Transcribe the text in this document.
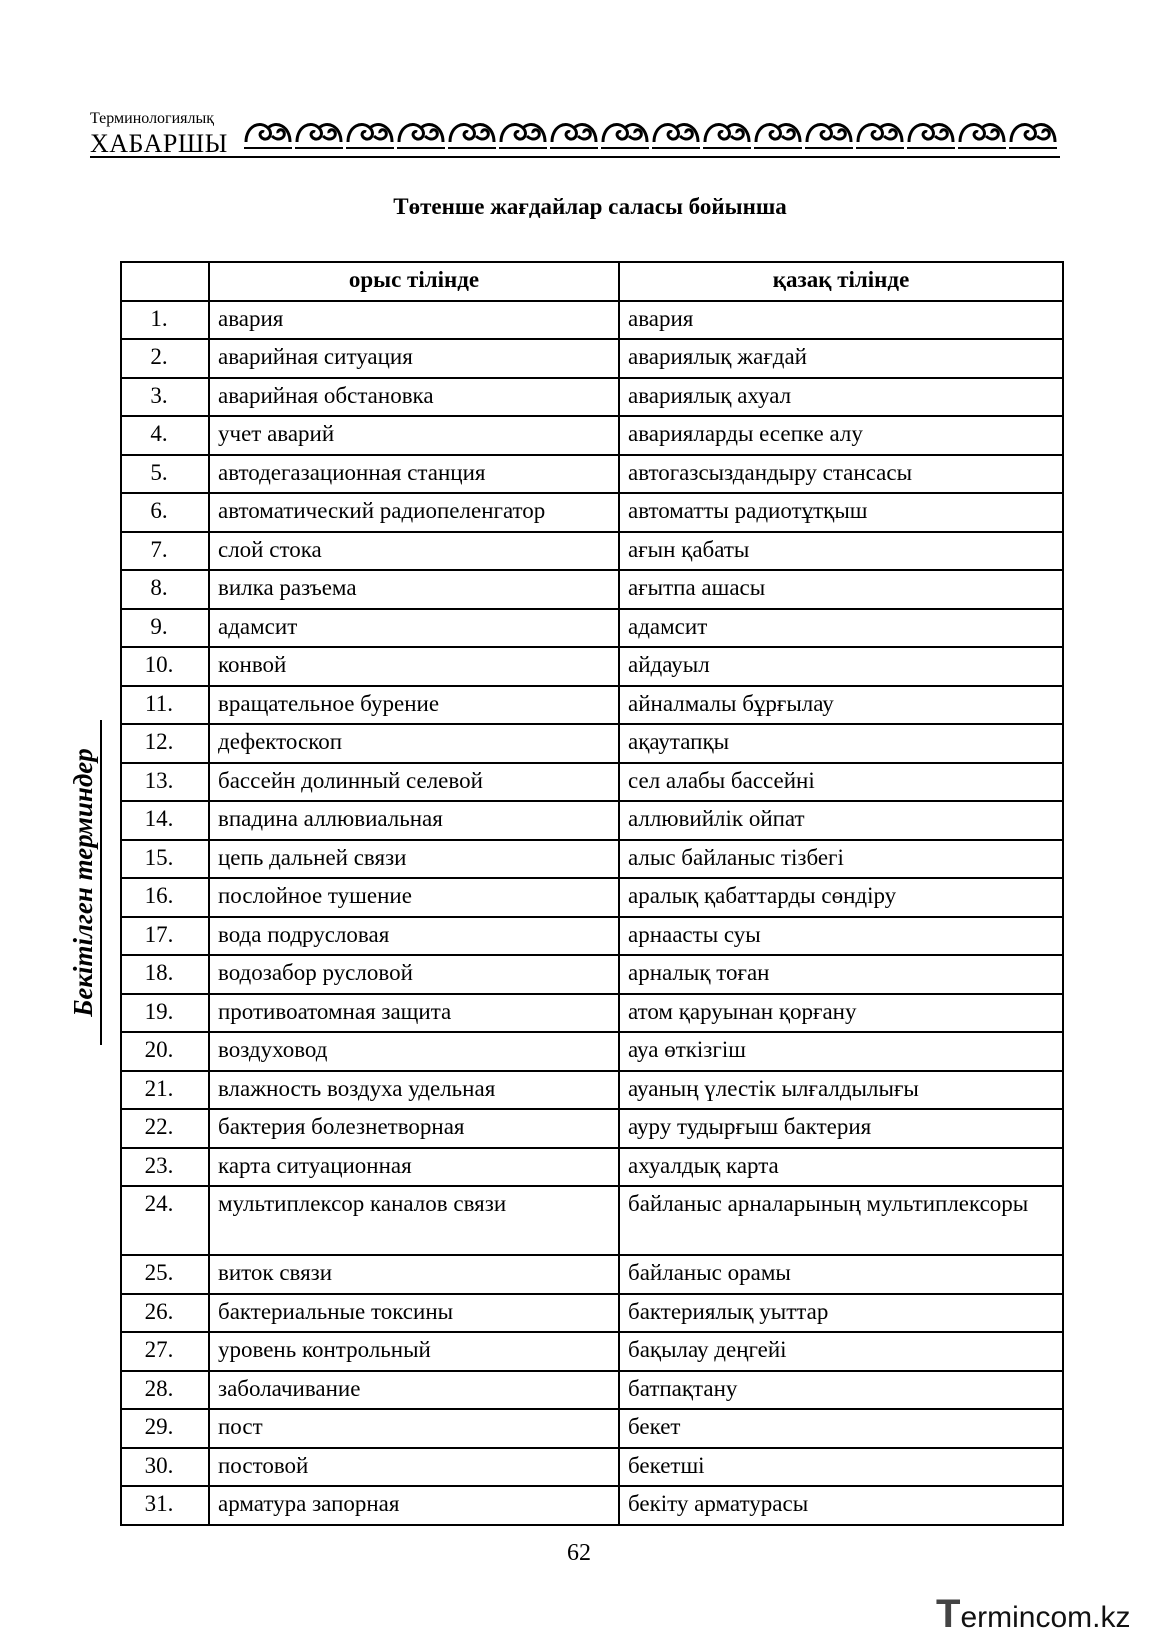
Терминологиялық
ХАБАРШЫ
Төтенше жағдайлар саласы бойынша
	орыс тілінде	қазақ тілінде
1.	авария	авария
2.	аварийная ситуация	авариялық жағдай
3.	аварийная обстановка	авариялық ахуал
4.	учет аварий	аварияларды есепке алу
5.	автодегазационная станция	автогазсыздандыру стансасы
6.	автоматический радиопеленгатор	автоматты радиотұтқыш
7.	слой стока	ағын қабаты
8.	вилка разъема	ағытпа ашасы
9.	адамсит	адамсит
10.	конвой	айдауыл
11.	вращательное бурение	айналмалы бұрғылау
12.	дефектоскоп	ақаутапқы
13.	бассейн долинный селевой	сел алабы бассейні
14.	впадина аллювиальная	аллювийлік ойпат
15.	цепь дальней связи	алыс байланыс тізбегі
16.	послойное тушение	аралық қабаттарды сөндіру
17.	вода подрусловая	арнаасты суы
18.	водозабор русловой	арналық тоған
19.	противоатомная защита	атом қаруынан қорғану
20.	воздуховод	ауа өткізгіш
21.	влажность воздуха удельная	ауаның үлестік ылғалдылығы
22.	бактерия болезнетворная	ауру тудырғыш бактерия
23.	карта ситуационная	ахуалдық карта
24.	мультиплексор каналов связи	байланыс арналарының мультиплексоры
25.	виток связи	байланыс орамы
26.	бактериальные токсины	бактериялық уыттар
27.	уровень контрольный	бақылау деңгейі
28.	заболачивание	батпақтану
29.	пост	бекет
30.	постовой	бекетші
31.	арматура запорная	бекіту арматурасы
Бекітілген терминдер
62
Termincom.kz
